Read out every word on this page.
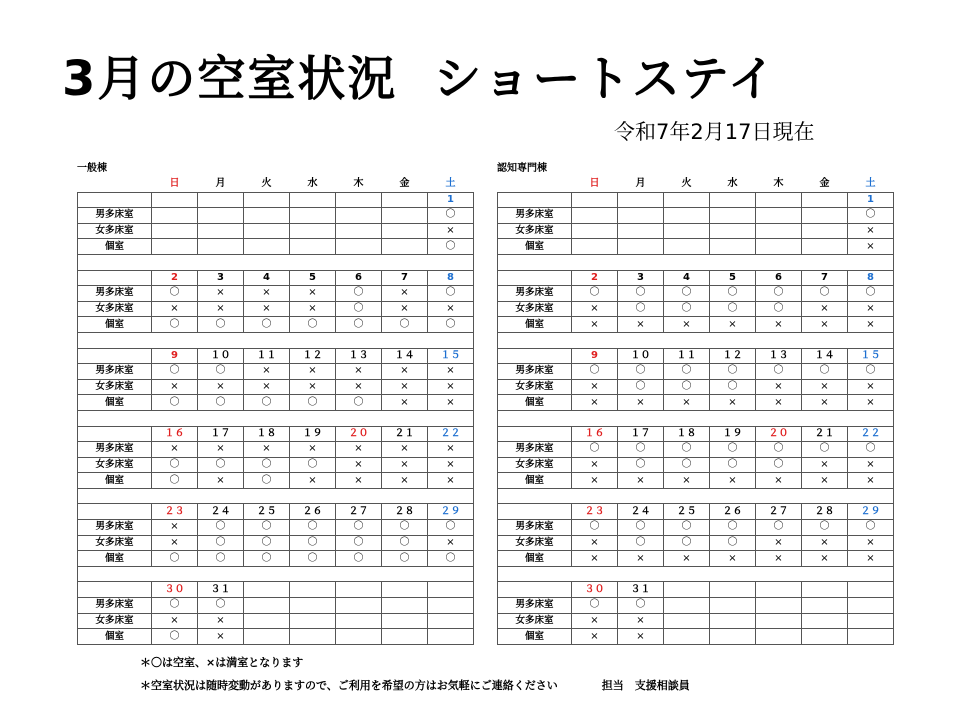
3月の空室状況 ショートステイ
令和7年2月17日現在
一般棟
	日	月	火	水	木	金	土
							1
男多床室							〇
女多床室							×
個室							〇

	2	3	4	5	6	7	8
男多床室	〇	×	×	×	〇	×	〇
女多床室	×	×	×	×	〇	×	×
個室	〇	〇	〇	〇	〇	〇	〇

	9	１０	１１	１２	１３	１４	１５
男多床室	〇	〇	×	×	×	×	×
女多床室	×	×	×	×	×	×	×
個室	〇	〇	〇	〇	〇	×	×

	１６	１７	１８	１９	２０	２１	２２
男多床室	×	×	×	×	×	×	×
女多床室	〇	〇	〇	〇	×	×	×
個室	〇	×	〇	×	×	×	×

	２３	２４	２５	２６	２７	２８	２９
男多床室	×	〇	〇	〇	〇	〇	〇
女多床室	×	〇	〇	〇	〇	〇	×
個室	〇	〇	〇	〇	〇	〇	〇

	３０	３１					
男多床室	〇	〇					
女多床室	×	×					
個室	〇	×					
認知専門棟
	日	月	火	水	木	金	土
							1
男多床室							〇
女多床室							×
個室							×

	2	3	4	5	6	7	8
男多床室	〇	〇	〇	〇	〇	〇	〇
女多床室	×	〇	〇	〇	〇	×	×
個室	×	×	×	×	×	×	×

	9	１０	１１	１２	１３	１４	１５
男多床室	〇	〇	〇	〇	〇	〇	〇
女多床室	×	〇	〇	〇	×	×	×
個室	×	×	×	×	×	×	×

	１６	１７	１８	１９	２０	２１	２２
男多床室	〇	〇	〇	〇	〇	〇	〇
女多床室	×	〇	〇	〇	〇	×	×
個室	×	×	×	×	×	×	×

	２３	２４	２５	２６	２７	２８	２９
男多床室	〇	〇	〇	〇	〇	〇	〇
女多床室	×	〇	〇	〇	×	×	×
個室	×	×	×	×	×	×	×

	３０	３１					
男多床室	〇	〇					
女多床室	×	×					
個室	×	×					
＊〇は空室、×は満室となります
＊空室状況は随時変動がありますので、ご利用を希望の方はお気軽にご連絡ください	担当　支援相談員
